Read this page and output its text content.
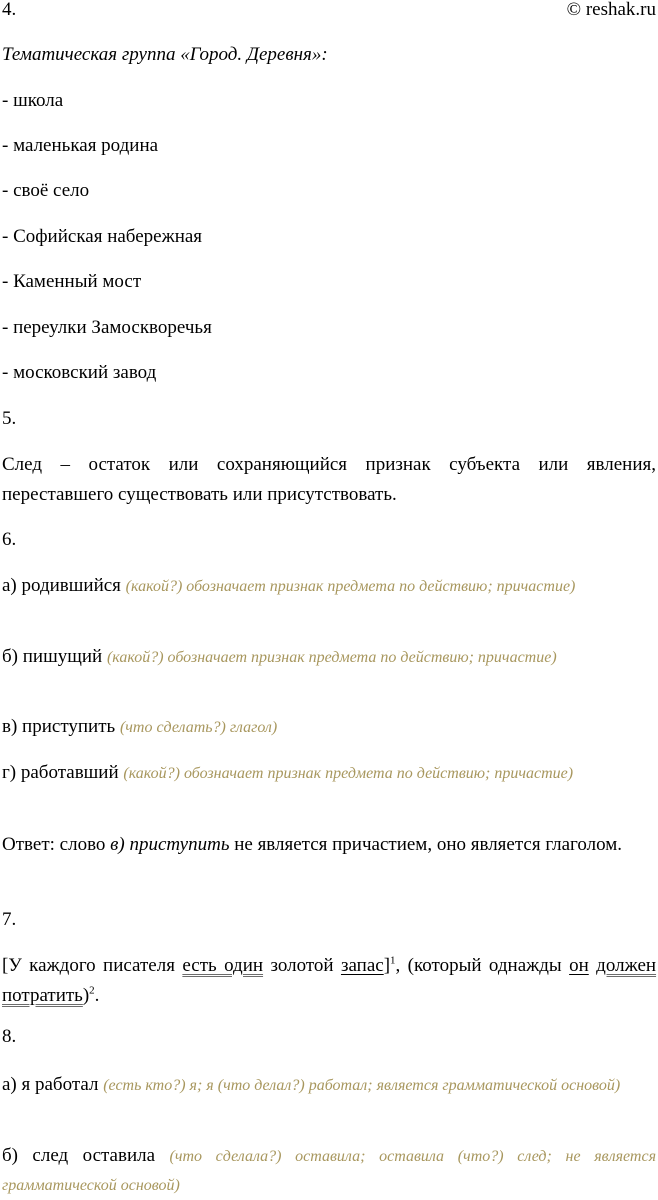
4.	© reshak.ru
Тематическая группа «Город. Деревня»:
- школа
- маленькая родина
- своё село
- Софийская набережная
- Каменный мост
- переулки Замоскворечья
- московский завод
5.
След – остаток или сохраняющийся признак субъекта или явления,
переставшего существовать или присутствовать.
6.
а) родившийся (какой?) обозначает признак предмета по действию; причастие)
б) пишущий (какой?) обозначает признак предмета по действию; причастие)
в) приступить (что сделать?) глагол)
г) работавший (какой?) обозначает признак предмета по действию; причастие)
Ответ: слово в) приступить не является причастием, оно является глаголом.
7.
[У каждого писателя есть один золотой запас]$^1$, (который однажды он должен потратить)$^2$.
8.
а) я работал (есть кто?) я; я (что делал?) работал; является грамматической основой)
б) след оставила (что сделала?) оставила; оставила (что?) след; не является грамматической основой)
